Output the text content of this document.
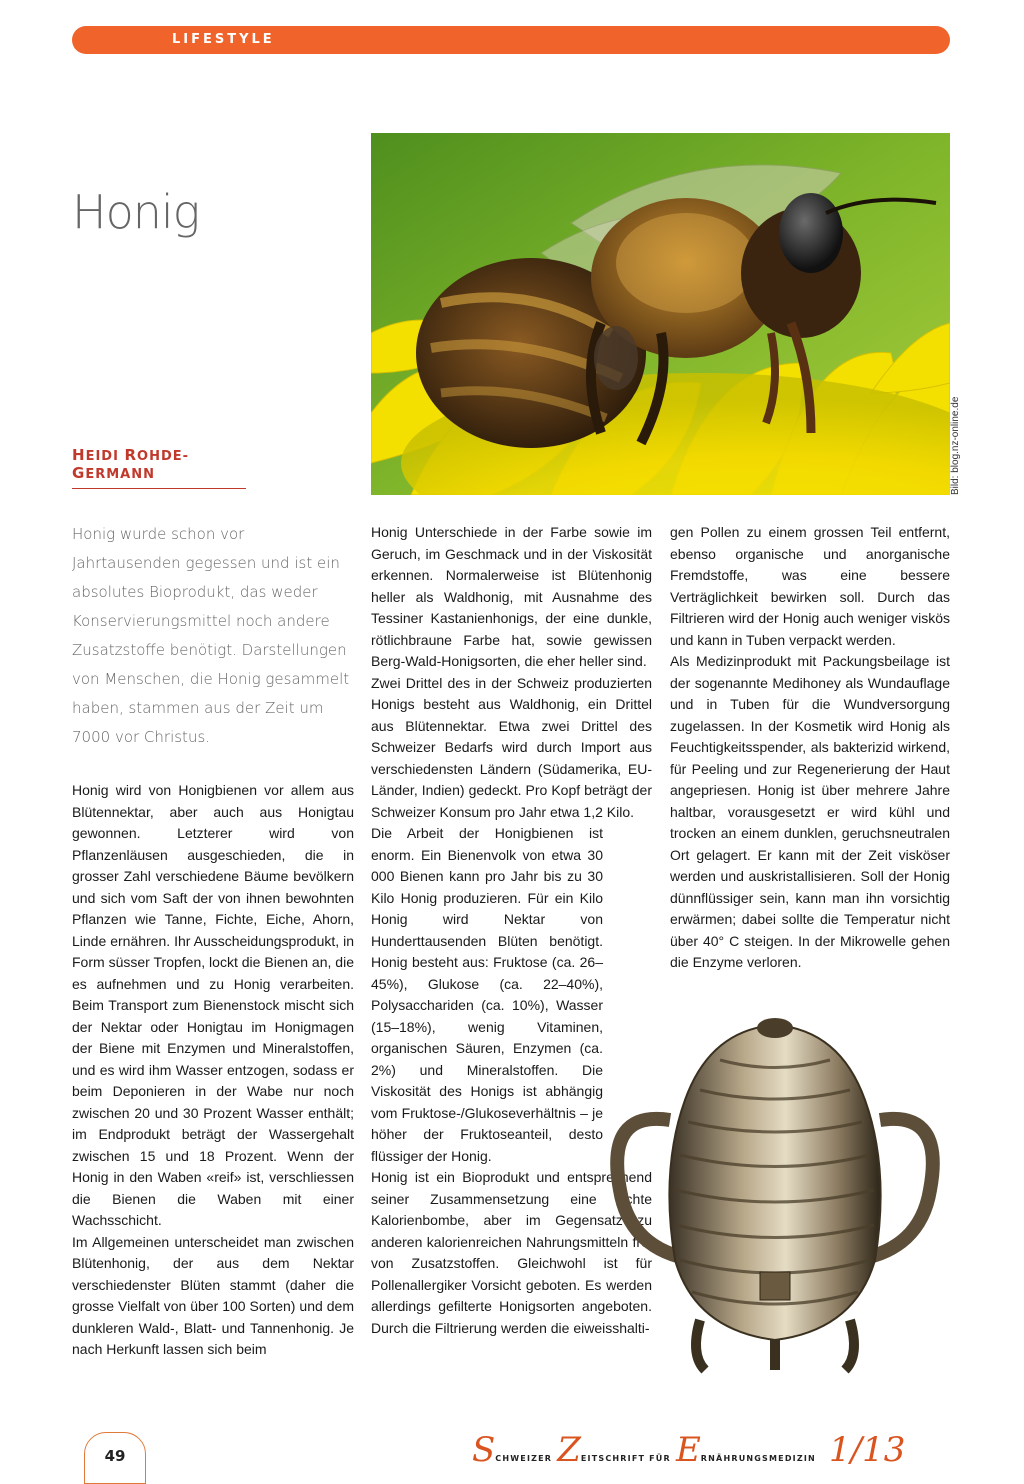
LIFESTYLE
Honig
HEIDI ROHDE-GERMANN	Bild: blog.nz-online.de

Honig wurde schon vor Jahrtausenden gegessen und ist ein absolutes Bioprodukt, das weder Konservierungsmittel noch andere Zusatzstoffe benötigt. Darstellungen von Menschen, die Honig gesammelt haben, stammen aus der Zeit um 7000 vor Christus.

Honig wird von Honigbienen vor allem aus Blütennektar, aber auch aus Honigtau gewonnen. Letzterer wird von Pflanzenläusen ausgeschieden, die in grosser Zahl verschiedene Bäume bevölkern und sich vom Saft der von ihnen bewohnten Pflanzen wie Tanne, Fichte, Eiche, Ahorn, Linde ernähren. Ihr Ausscheidungsprodukt, in Form süsser Tropfen, lockt die Bienen an, die es aufnehmen und zu Honig verarbeiten. Beim Transport zum Bienenstock mischt sich der Nektar oder Honigtau im Honigmagen der Biene mit Enzymen und Mineralstoffen, und es wird ihm Wasser entzogen, sodass er beim Deponieren in der Wabe nur noch zwischen 20 und 30 Prozent Wasser enthält; im Endprodukt beträgt der Wassergehalt zwischen 15 und 18 Prozent. Wenn der Honig in den Waben «reif» ist, verschliessen die Bienen die Waben mit einer Wachsschicht.

Im Allgemeinen unterscheidet man zwischen Blütenhonig, der aus dem Nektar verschiedenster Blüten stammt (daher die grosse Vielfalt von über 100 Sorten) und dem dunkleren Wald-, Blatt- und Tannenhonig. Je nach Herkunft lassen sich beim

Honig Unterschiede in der Farbe sowie im Geruch, im Geschmack und in der Viskosität erkennen. Normalerweise ist Blütenhonig heller als Waldhonig, mit Ausnahme des Tessiner Kastanienhonigs, der eine dunkle, rötlichbraune Farbe hat, sowie gewissen Berg-Wald-Honigsorten, die eher heller sind.

Zwei Drittel des in der Schweiz produzierten Honigs besteht aus Waldhonig, ein Drittel aus Blütennektar. Etwa zwei Drittel des Schweizer Bedarfs wird durch Import aus verschiedensten Ländern (Südamerika, EU-Länder, Indien) gedeckt. Pro Kopf beträgt der Schweizer Konsum pro Jahr etwa 1,2 Kilo.

Die Arbeit der Honigbienen ist enorm. Ein Bienenvolk von etwa 30 000 Bienen kann pro Jahr bis zu 30 Kilo Honig produzieren. Für ein Kilo Honig wird Nektar von Hunderttausenden Blüten benötigt. Honig besteht aus: Fruktose (ca. 26–45%), Glukose (ca. 22–40%), Polysacchariden (ca. 10%), Wasser (15–18%), wenig Vitaminen, organischen Säuren, Enzymen (ca. 2%) und Mineralstoffen. Die Viskosität des Honigs ist abhängig vom Fruktose-/Glukoseverhältnis – je höher der Fruktoseanteil, desto flüssiger der Honig.

Honig ist ein Bioprodukt und entsprechend seiner Zusammensetzung eine echte Kalorienbombe, aber im Gegensatz zu anderen kalorienreichen Nahrungsmitteln frei von Zusatzstoffen. Gleichwohl ist für Pollenallergiker Vorsicht geboten. Es werden allerdings gefilterte Honigsorten angeboten. Durch die Filtrierung werden die eiweisshalti-

gen Pollen zu einem grossen Teil entfernt, ebenso organische und anorganische Fremdstoffe, was eine bessere Verträglichkeit bewirken soll. Durch das Filtrieren wird der Honig auch weniger viskös und kann in Tuben verpackt werden.

Als Medizinprodukt mit Packungsbeilage ist der sogenannte Medihoney als Wundauflage und in Tuben für die Wundversorgung zugelassen. In der Kosmetik wird Honig als Feuchtigkeitsspender, als bakterizid wirkend, für Peeling und zur Regenerierung der Haut angepriesen. Honig ist über mehrere Jahre haltbar, vorausgesetzt er wird kühl und trocken an einem dunklen, geruchsneutralen Ort gelagert. Er kann mit der Zeit visköser werden und auskristallisieren. Soll der Honig dünnflüssiger sein, kann man ihn vorsichtig erwärmen; dabei sollte die Temperatur nicht über 40° C steigen. In der Mikrowelle gehen die Enzyme verloren.

49	SCHWEIZER ZEITSCHRIFT FÜR ERNÄHRUNGSMEDIZIN 1/13
